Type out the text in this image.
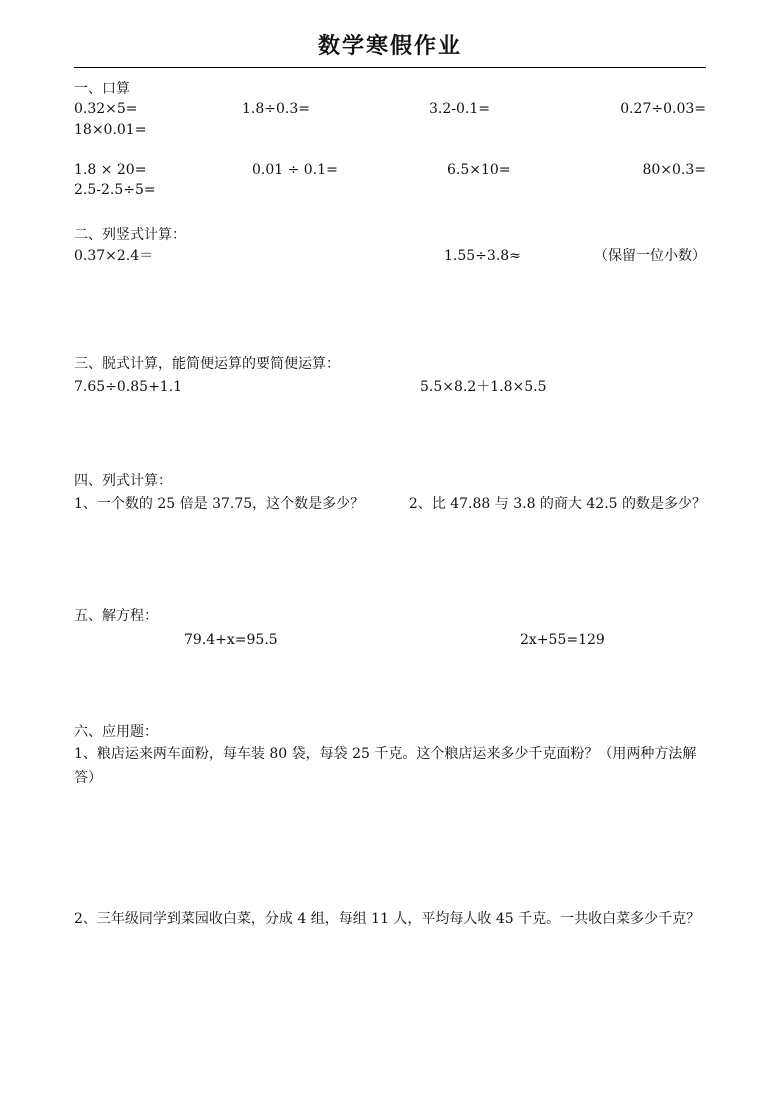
数学寒假作业
一、口算
0.32×5=	1.8÷0.3=	3.2-0.1=	0.27÷0.03=
18×0.01=
1.8 × 20=	0.01 ÷ 0.1=	6.5×10=	80×0.3=
2.5-2.5÷5=
二、列竖式计算：
0.37×2.4＝	1.55÷3.8≈	（保留一位小数）
三、脱式计算，能简便运算的要简便运算：
7.65÷0.85+1.1	5.5×8.2＋1.8×5.5
四、列式计算：
1、一个数的 25 倍是 37.75，这个数是多少？	2、比 47.88 与 3.8 的商大 42.5 的数是多少？
五、解方程：
79.4+x=95.5	2x+55=129
六、应用题：
1、粮店运来两车面粉，每车装 80 袋，每袋 25 千克。这个粮店运来多少千克面粉？（用两种方法解答）
2、三年级同学到菜园收白菜，分成 4 组，每组 11 人，平均每人收 45 千克。一共收白菜多少千克？
